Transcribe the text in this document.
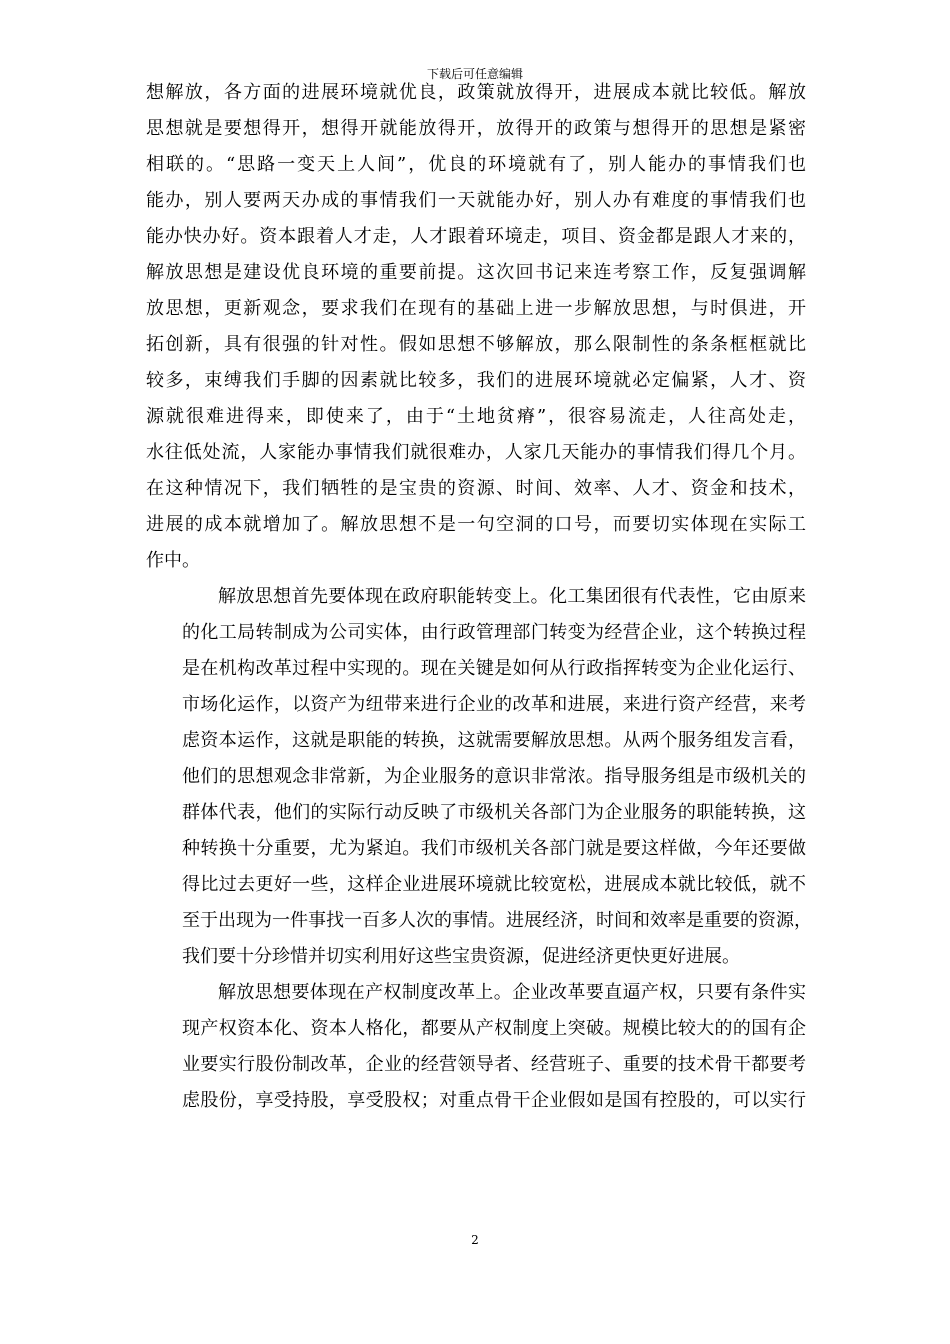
下载后可任意编辑
想解放，各方面的进展环境就优良，政策就放得开，进展成本就比较低。解放
思想就是要想得开，想得开就能放得开，放得开的政策与想得开的思想是紧密
相联的。“思路一变天上人间”，优良的环境就有了，别人能办的事情我们也
能办，别人要两天办成的事情我们一天就能办好，别人办有难度的事情我们也
能办快办好。资本跟着人才走，人才跟着环境走，项目、资金都是跟人才来的，
解放思想是建设优良环境的重要前提。这次回书记来连考察工作，反复强调解
放思想，更新观念，要求我们在现有的基础上进一步解放思想，与时俱进，开
拓创新，具有很强的针对性。假如思想不够解放，那么限制性的条条框框就比
较多，束缚我们手脚的因素就比较多，我们的进展环境就必定偏紧，人才、资
源就很难进得来，即使来了，由于“土地贫瘠”，很容易流走，人往高处走，
水往低处流，人家能办事情我们就很难办，人家几天能办的事情我们得几个月。
在这种情况下，我们牺牲的是宝贵的资源、时间、效率、人才、资金和技术，
进展的成本就增加了。解放思想不是一句空洞的口号，而要切实体现在实际工
作中。
解放思想首先要体现在政府职能转变上。化工集团很有代表性，它由原来
的化工局转制成为公司实体，由行政管理部门转变为经营企业，这个转换过程
是在机构改革过程中实现的。现在关键是如何从行政指挥转变为企业化运行、
市场化运作，以资产为纽带来进行企业的改革和进展，来进行资产经营，来考
虑资本运作，这就是职能的转换，这就需要解放思想。从两个服务组发言看，
他们的思想观念非常新，为企业服务的意识非常浓。指导服务组是市级机关的
群体代表，他们的实际行动反映了市级机关各部门为企业服务的职能转换，这
种转换十分重要，尤为紧迫。我们市级机关各部门就是要这样做，今年还要做
得比过去更好一些，这样企业进展环境就比较宽松，进展成本就比较低，就不
至于出现为一件事找一百多人次的事情。进展经济，时间和效率是重要的资源，
我们要十分珍惜并切实利用好这些宝贵资源，促进经济更快更好进展。
解放思想要体现在产权制度改革上。企业改革要直逼产权，只要有条件实
现产权资本化、资本人格化，都要从产权制度上突破。规模比较大的的国有企
业要实行股份制改革，企业的经营领导者、经营班子、重要的技术骨干都要考
虑股份，享受持股，享受股权；对重点骨干企业假如是国有控股的，可以实行
2
